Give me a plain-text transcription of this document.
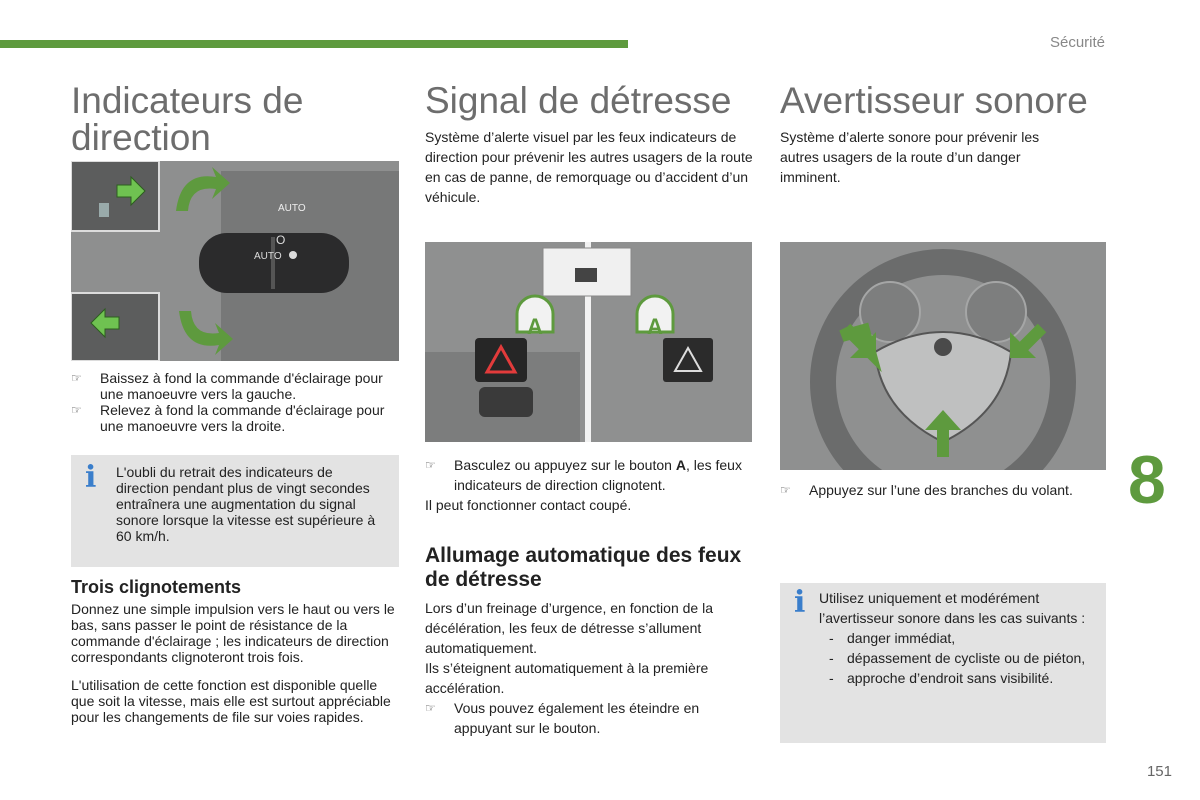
Sécurité
Indicateurs de direction
O
AUTO
AUTO
☞ Baissez à fond la commande d'éclairage pour une manoeuvre vers la gauche.
☞ Relevez à fond la commande d'éclairage pour une manoeuvre vers la droite.
i L'oubli du retrait des indicateurs de direction pendant plus de vingt secondes entraînera une augmentation du signal sonore lorsque la vitesse est supérieure à 60 km/h.
Trois clignotements

Donnez une simple impulsion vers le haut ou vers le bas, sans passer le point de résistance de la commande d'éclairage ; les indicateurs de direction correspondants clignoteront trois fois.

L'utilisation de cette fonction est disponible quelle que soit la vitesse, mais elle est surtout appréciable pour les changements de file sur voies rapides.

Signal de détresse

Système d’alerte visuel par les feux indicateurs de direction pour prévenir les autres usagers de la route en cas de panne, de remorquage ou d’accident d’un véhicule.

A	A
☞ Basculez ou appuyez sur le bouton A, les feux indicateurs de direction clignotent.

Il peut fonctionner contact coupé.

Allumage automatique des feux de détresse

Lors d’un freinage d’urgence, en fonction de la décélération, les feux de détresse s’allument automatiquement.

Ils s’éteignent automatiquement à la première accélération.

☞ Vous pouvez également les éteindre en appuyant sur le bouton.
Avertisseur sonore

Système d’alerte sonore pour prévenir les autres usagers de la route d’un danger imminent.

☞ Appuyez sur l’une des branches du volant.
i Utilisez uniquement et modérément l’avertisseur sonore dans les cas suivants :

- danger immédiat,
- dépassement de cycliste ou de piéton,
- approche d’endroit sans visibilité.
8
151
